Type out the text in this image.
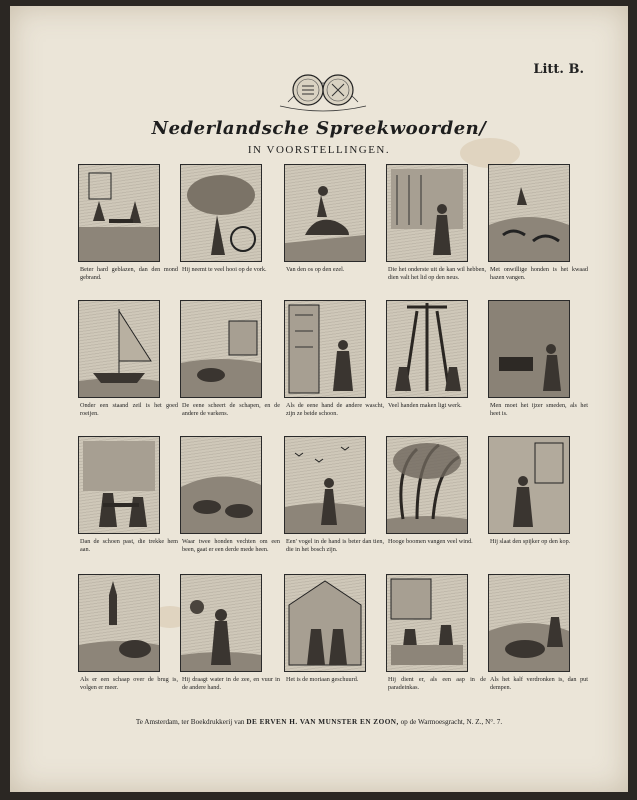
Litt. B.
Nederlandsche Spreekwoorden/
IN VOORSTELLINGEN.
Beter hard geblazen, dan den mond gebrand.
Hij neemt te veel hooi op de vork.	Van den os op den ezel.	Die het onderste uit de kan wil hebben, dien valt het lid op den neus.
Met onwillige honden is het kwaad hazen vangen.
Onder een staand zeil is het goed roeijen.
De eene scheert de schapen, en de andere de varkens.
Als de eene hand de andere wascht, zijn ze beide schoon.
Veel handen maken ligt werk.	Men moet het ijzer smeden, als het heet is.
Dan de schoen past, die trekke hem aan.
Waar twee honden vechten om een been, gaat er een derde mede heen.
Een' vogel in de hand is beter dan tien, die in het bosch zijn.
Hooge boomen vangen veel wind.	Hij slaat den spijker op den kop.
Als er een schaap over de brug is, volgen er meer.
Hij draagt water in de zee, en vuur in de andere hand.
Het is de moriaan geschuurd.	Hij dient er, als een aap in de paradeinkas.
Als het kalf verdronken is, dan put dempen.
Te Amsterdam, ter Boekdrukkerij van DE ERVEN H. VAN MUNSTER EN ZOON, op de Warmoesgracht, N. Z., N°. 7.
